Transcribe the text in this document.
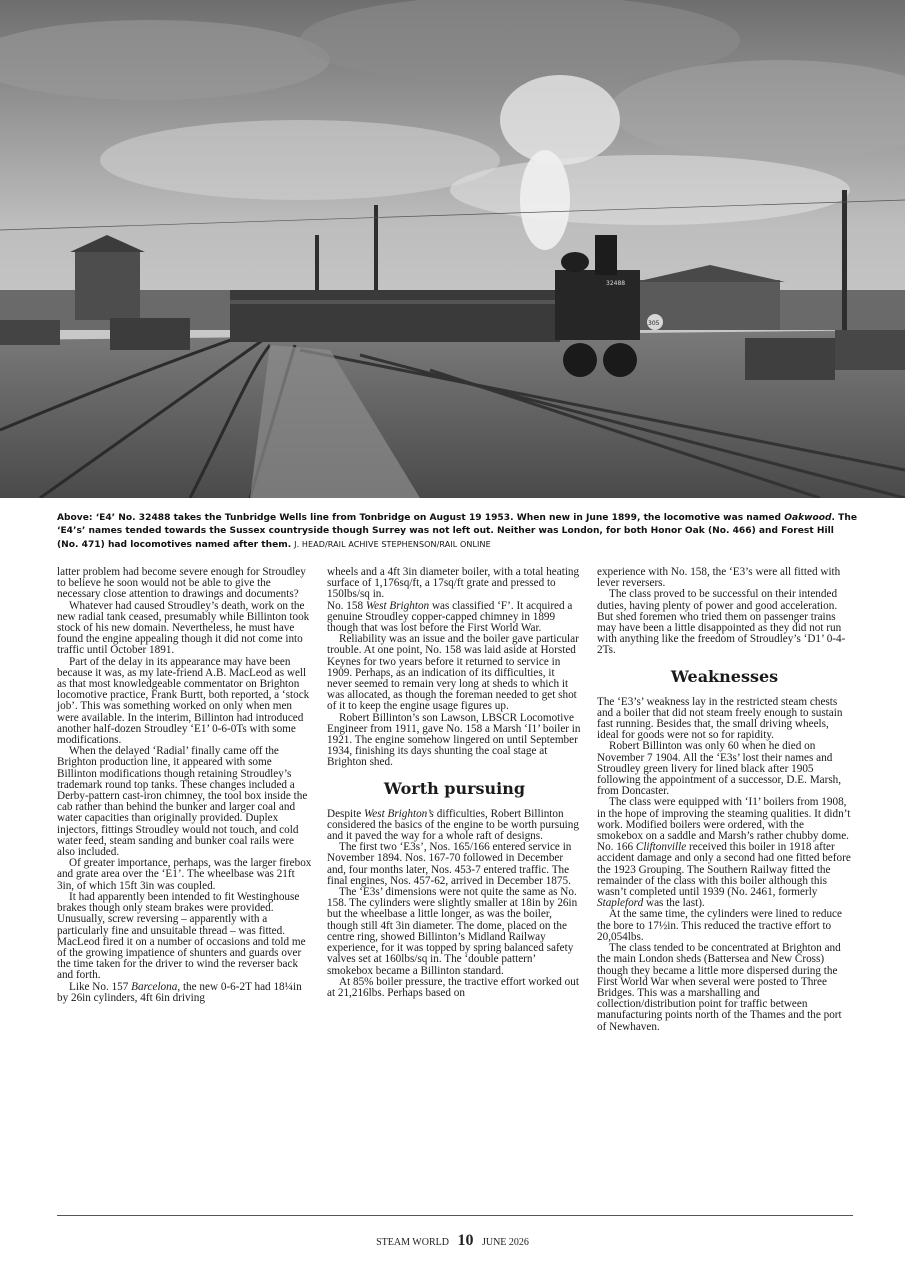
32488
305
Above: ‘E4’ No. 32488 takes the Tunbridge Wells line from Tonbridge on August 19 1953. When new in June 1899, the locomotive was named Oakwood. The ‘E4’s’ names tended towards the Sussex countryside though Surrey was not left out. Neither was London, for both Honor Oak (No. 466) and Forest Hill (No. 471) had locomotives named after them. J. HEAD/RAIL ACHIVE STEPHENSON/RAIL ONLINE

latter problem had become severe enough for Stroudley to believe he soon would not be able to give the necessary close attention to drawings and documents?

Whatever had caused Stroudley’s death, work on the new radial tank ceased, presumably while Billinton took stock of his new domain. Nevertheless, he must have found the engine appealing though it did not come into traffic until October 1891.

Part of the delay in its appearance may have been because it was, as my late-friend A.B. MacLeod as well as that most knowledgeable commentator on Brighton locomotive practice, Frank Burtt, both reported, a ‘stock job’. This was something worked on only when men were available. In the interim, Billinton had introduced another half-dozen Stroudley ‘E1’ 0-6-0Ts with some modifications.

When the delayed ‘Radial’ finally came off the Brighton production line, it appeared with some Billinton modifications though retaining Stroudley’s trademark round top tanks. These changes included a Derby-pattern cast-iron chimney, the tool box inside the cab rather than behind the bunker and larger coal and water capacities than originally provided. Duplex injectors, fittings Stroudley would not touch, and cold water feed, steam sanding and bunker coal rails were also included.

Of greater importance, perhaps, was the larger firebox and grate area over the ‘E1’. The wheelbase was 21ft 3in, of which 15ft 3in was coupled.

It had apparently been intended to fit Westinghouse brakes though only steam brakes were provided. Unusually, screw reversing – apparently with a particularly fine and unsuitable thread – was fitted. MacLeod fired it on a number of occasions and told me of the growing impatience of shunters and guards over the time taken for the driver to wind the reverser back and forth.

Like No. 157 Barcelona, the new 0-6-2T had 18¼in by 26in cylinders, 4ft 6in driving

wheels and a 4ft 3in diameter boiler, with a total heating surface of 1,176sq/ft, a 17sq/ft grate and pressed to 150lbs/sq in.
No. 158 West Brighton was classified ‘F’. It acquired a genuine Stroudley copper-capped chimney in 1899 though that was lost before the First World War.

Reliability was an issue and the boiler gave particular trouble. At one point, No. 158 was laid aside at Horsted Keynes for two years before it returned to service in 1909. Perhaps, as an indication of its difficulties, it never seemed to remain very long at sheds to which it was allocated, as though the foreman needed to get shot of it to keep the engine usage figures up.

Robert Billinton’s son Lawson, LBSCR Locomotive Engineer from 1911, gave No. 158 a Marsh ‘I1’ boiler in 1921. The engine somehow lingered on until September 1934, finishing its days shunting the coal stage at Brighton shed.

Worth pursuing

Despite West Brighton’s difficulties, Robert Billinton considered the basics of the engine to be worth pursuing and it paved the way for a whole raft of designs.

The first two ‘E3s’, Nos. 165/166 entered service in November 1894. Nos. 167-70 followed in December and, four months later, Nos. 453-7 entered traffic. The final engines, Nos. 457-62, arrived in December 1875.

The ‘E3s’ dimensions were not quite the same as No. 158. The cylinders were slightly smaller at 18in by 26in but the wheelbase a little longer, as was the boiler, though still 4ft 3in diameter. The dome, placed on the centre ring, showed Billinton’s Midland Railway experience, for it was topped by spring balanced safety valves set at 160lbs/sq in. The ‘double pattern’ smokebox became a Billinton standard.

At 85% boiler pressure, the tractive effort worked out at 21,216lbs. Perhaps based on

experience with No. 158, the ‘E3’s were all fitted with lever reversers.

The class proved to be successful on their intended duties, having plenty of power and good acceleration. But shed foremen who tried them on passenger trains may have been a little disappointed as they did not run with anything like the freedom of Stroudley’s ‘D1’ 0-4-2Ts.

Weaknesses

The ‘E3’s’ weakness lay in the restricted steam chests and a boiler that did not steam freely enough to sustain fast running. Besides that, the small driving wheels, ideal for goods were not so for rapidity.

Robert Billinton was only 60 when he died on November 7 1904. All the ‘E3s’ lost their names and Stroudley green livery for lined black after 1905 following the appointment of a successor, D.E. Marsh, from Doncaster.

The class were equipped with ‘I1’ boilers from 1908, in the hope of improving the steaming qualities. It didn’t work. Modified boilers were ordered, with the smokebox on a saddle and Marsh’s rather chubby dome. No. 166 Cliftonville received this boiler in 1918 after accident damage and only a second had one fitted before the 1923 Grouping. The Southern Railway fitted the remainder of the class with this boiler although this wasn’t completed until 1939 (No. 2461, formerly Stapleford was the last).

At the same time, the cylinders were lined to reduce the bore to 17½in. This reduced the tractive effort to 20,054lbs.

The class tended to be concentrated at Brighton and the main London sheds (Battersea and New Cross) though they became a little more dispersed during the First World War when several were posted to Three Bridges. This was a marshalling and collection/distribution point for traffic between manufacturing points north of the Thames and the port of Newhaven.

STEAM WORLD 10 JUNE 2026
